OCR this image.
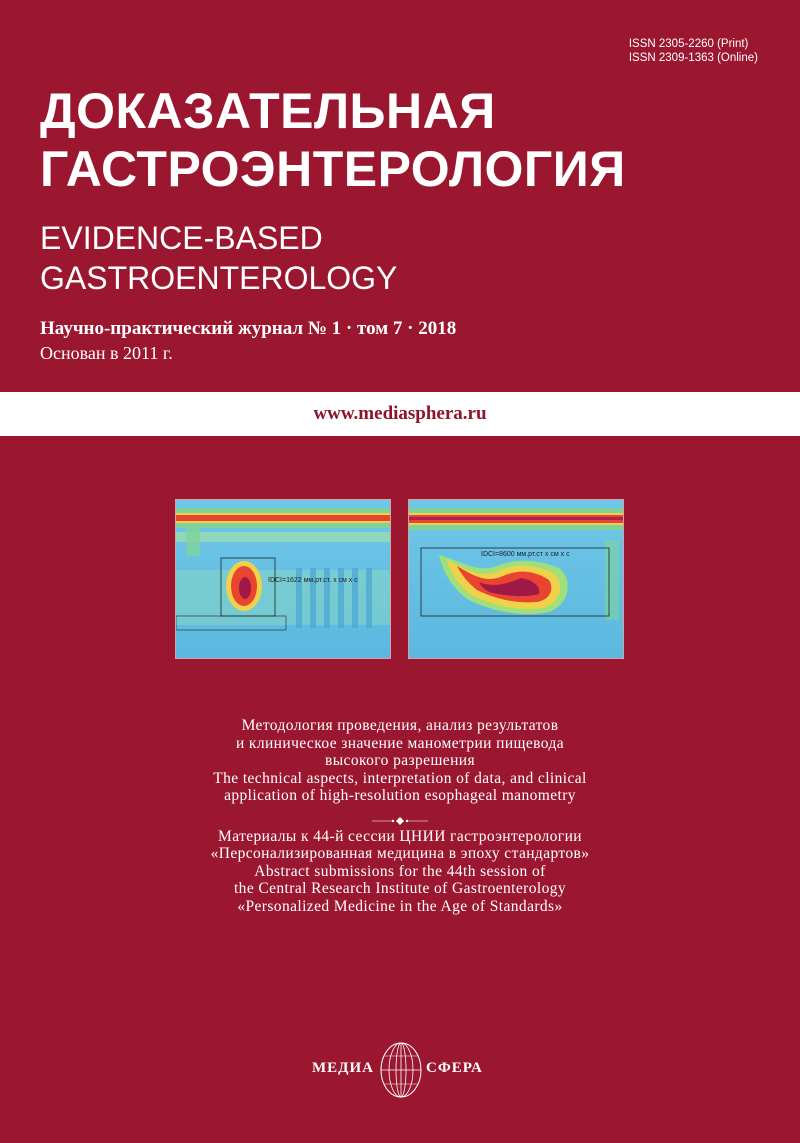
ISSN 2305-2260 (Print)
ISSN 2309-1363 (Online)
ДОКАЗАТЕЛЬНАЯ
ГАСТРОЭНТЕРОЛОГИЯ
EVIDENCE-BASED
GASTROENTEROLOGY
Научно-практический журнал № 1 · том 7 · 2018
Основан в 2011 г.
www.mediasphera.ru
IDCI=1622 мм.рт.ст. x см x с
IDCI=8600 мм.рт.ст x см x с

Методология проведения, анализ результатов

и клиническое значение манометрии пищевода

высокого разрешения

The technical aspects, interpretation of data, and clinical

application of high-resolution esophageal manometry

Материалы к 44-й сессии ЦНИИ гастроэнтерологии

«Персонализированная медицина в эпоху стандартов»

Abstract submissions for the 44th session of

the Central Research Institute of Gastroenterology

«Personalized Medicine in the Age of Standards»

МЕДИА	СФЕРА
